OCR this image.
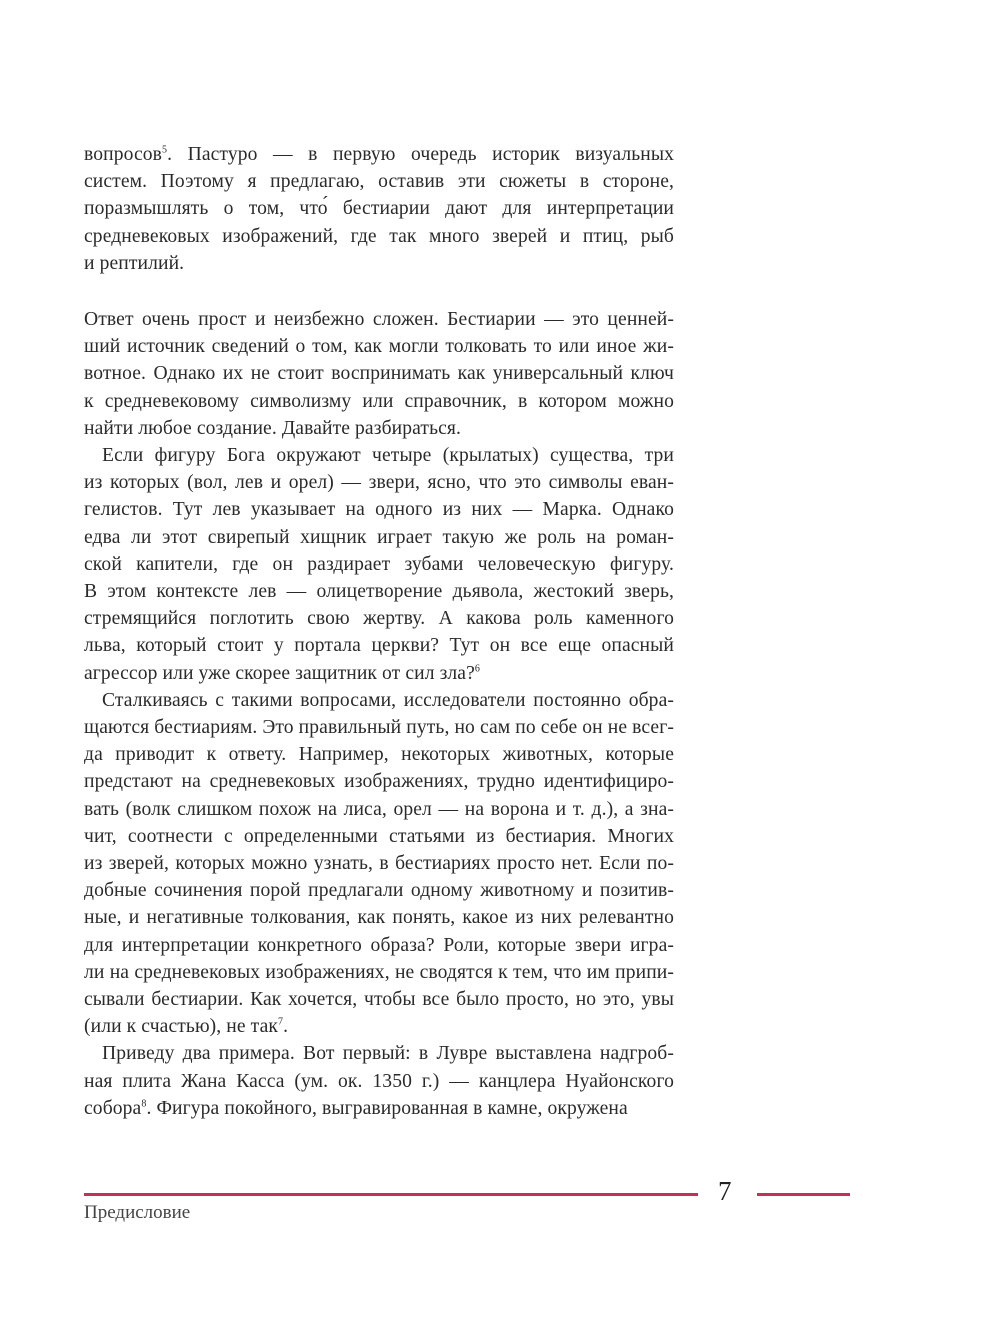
вопросов$^5$. Пастуро — в первую очередь историк визуальных
систем. Поэтому я предлагаю, оставив эти сюжеты в стороне,
поразмышлять о том, что́ бестиарии дают для интерпретации
средневековых изображений, где так много зверей и птиц, рыб
и рептилий.
Ответ очень прост и неизбежно сложен. Бестиарии — это ценней-
ший источник сведений о том, как могли толковать то или иное жи-
вотное. Однако их не стоит воспринимать как универсальный ключ
к средневековому символизму или справочник, в котором можно
найти любое создание. Давайте разбираться.
Если фигуру Бога окружают четыре (крылатых) существа, три
из которых (вол, лев и орел) — звери, ясно, что это символы еван-
гелистов. Тут лев указывает на одного из них — Марка. Однако
едва ли этот свирепый хищник играет такую же роль на роман-
ской капители, где он раздирает зубами человеческую фигуру.
В этом контексте лев — олицетворение дьявола, жестокий зверь,
стремящийся поглотить свою жертву. А какова роль каменного
льва, который стоит у портала церкви? Тут он все еще опасный
агрессор или уже скорее защитник от сил зла?$^6$
Сталкиваясь с такими вопросами, исследователи постоянно обра-
щаются бестиариям. Это правильный путь, но сам по себе он не всег-
да приводит к ответу. Например, некоторых животных, которые
предстают на средневековых изображениях, трудно идентифициро-
вать (волк слишком похож на лиса, орел — на ворона и т. д.), а зна-
чит, соотнести с определенными статьями из бестиария. Многих
из зверей, которых можно узнать, в бестиариях просто нет. Если по-
добные сочинения порой предлагали одному животному и позитив-
ные, и негативные толкования, как понять, какое из них релевантно
для интерпретации конкретного образа? Роли, которые звери игра-
ли на средневековых изображениях, не сводятся к тем, что им припи-
сывали бестиарии. Как хочется, чтобы все было просто, но это, увы
(или к счастью), не так$^7$.
Приведу два примера. Вот первый: в Лувре выставлена надгроб-
ная плита Жана Касса (ум. ок. 1350 г.) — канцлера Нуайонского
собора$^8$. Фигура покойного, выгравированная в камне, окружена
7
Предисловие
